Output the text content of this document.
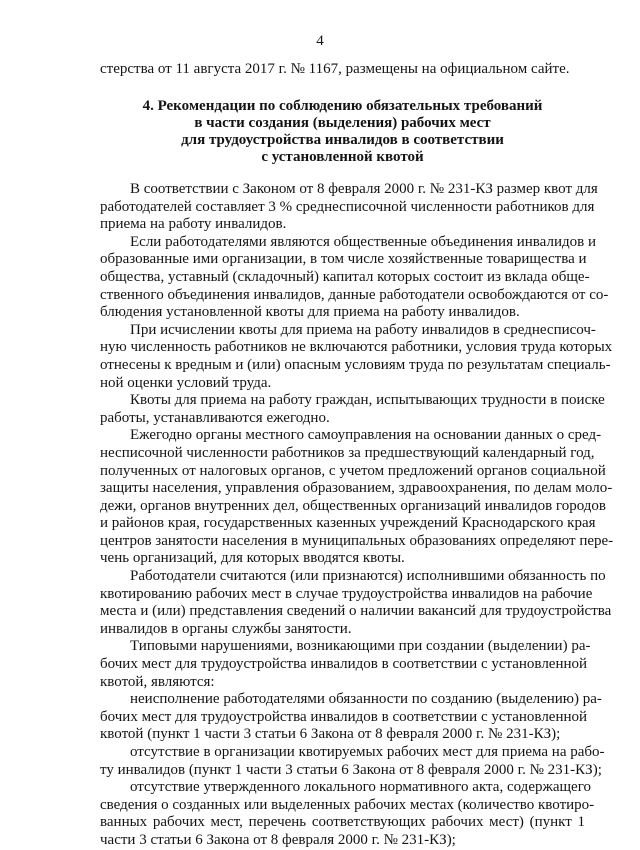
4
стерства от 11 августа 2017 г. № 1167, размещены на официальном сайте.
4. Рекомендации по соблюдению обязательных требований
в части создания (выделения) рабочих мест
для трудоустройства инвалидов в соответствии
с установленной квотой
В соответствии с Законом от 8 февраля 2000 г. № 231-КЗ размер квот для
работодателей составляет 3 % среднесписочной численности работников для
приема на работу инвалидов.
Если работодателями являются общественные объединения инвалидов и
образованные ими организации, в том числе хозяйственные товарищества и
общества, уставный (складочный) капитал которых состоит из вклада обще-
ственного объединения инвалидов, данные работодатели освобождаются от со-
блюдения установленной квоты для приема на работу инвалидов.
При исчислении квоты для приема на работу инвалидов в среднесписоч-
ную численность работников не включаются работники, условия труда которых
отнесены к вредным и (или) опасным условиям труда по результатам специаль-
ной оценки условий труда.
Квоты для приема на работу граждан, испытывающих трудности в поиске
работы, устанавливаются ежегодно.
Ежегодно органы местного самоуправления на основании данных о сред-
несписочной численности работников за предшествующий календарный год,
полученных от налоговых органов, с учетом предложений органов социальной
защиты населения, управления образованием, здравоохранения, по делам моло-
дежи, органов внутренних дел, общественных организаций инвалидов городов
и районов края, государственных казенных учреждений Краснодарского края
центров занятости населения в муниципальных образованиях определяют пере-
чень организаций, для которых вводятся квоты.
Работодатели считаются (или признаются) исполнившими обязанность по
квотированию рабочих мест в случае трудоустройства инвалидов на рабочие
места и (или) представления сведений о наличии вакансий для трудоустройства
инвалидов в органы службы занятости.
Типовыми нарушениями, возникающими при создании (выделении) ра-
бочих мест для трудоустройства инвалидов в соответствии с установленной
квотой, являются:
неисполнение работодателями обязанности по созданию (выделению) ра-
бочих мест для трудоустройства инвалидов в соответствии с установленной
квотой (пункт 1 части 3 статьи 6 Закона от 8 февраля 2000 г. № 231-КЗ);
отсутствие в организации квотируемых рабочих мест для приема на рабо-
ту инвалидов (пункт 1 части 3 статьи 6 Закона от 8 февраля 2000 г. № 231-КЗ);
отсутствие утвержденного локального нормативного акта, содержащего
сведения о созданных или выделенных рабочих местах (количество квотиро-
ванных рабочих мест, перечень соответствующих рабочих мест) (пункт 1
части 3 статьи 6 Закона от 8 февраля 2000 г. № 231-КЗ);
